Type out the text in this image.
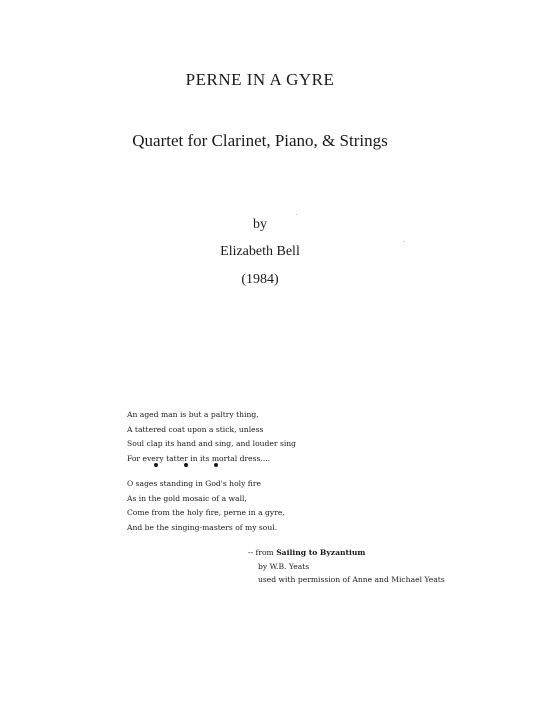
PERNE IN A GYRE
Quartet for Clarinet, Piano, & Strings
by
Elizabeth Bell
(1984)
An aged man is but a paltry thing,
A tattered coat upon a stick, unless
Soul clap its hand and sing, and louder sing
For every tatter in its mortal dress....
O sages standing in God's holy fire
As in the gold mosaic of a wall,
Come from the holy fire, perne in a gyre,
And be the singing-masters of my soul.
-- from Sailing to Byzantium
by W.B. Yeats
used with permission of Anne and Michael Yeats
